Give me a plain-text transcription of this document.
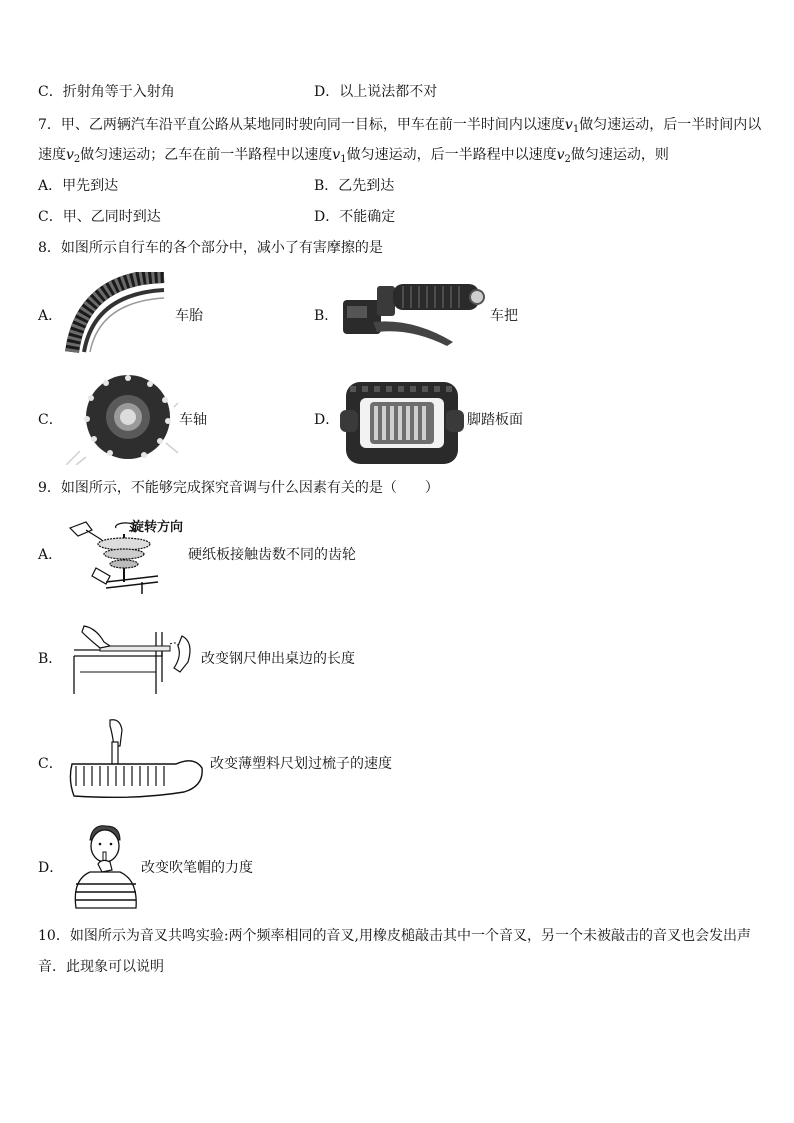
C．折射角等于入射角	D．以上说法都不对
7．甲、乙两辆汽车沿平直公路从某地同时驶向同一目标，甲车在前一半时间内以速度$v_1$做匀速运动，后一半时间内以
速度$v_2$做匀速运动；乙车在前一半路程中以速度$v_1$做匀速运动，后一半路程中以速度$v_2$做匀速运动，则
A．甲先到达	B．乙先到达
C．甲、乙同时到达	D．不能确定
8．如图所示自行车的各个部分中，减小了有害摩擦的是
A．	车胎	B．	车把
C．	车轴	D．	脚踏板面
9．如图所示，不能够完成探究音调与什么因素有关的是（　　）
A．
旋转方向
硬纸板接触齿数不同的齿轮
B．	改变钢尺伸出桌边的长度
C．	改变薄塑料尺划过梳子的速度
D．	改变吹笔帽的力度
10．如图所示为音叉共鸣实验:两个频率相同的音叉,用橡皮槌敲击其中一个音叉，另一个未被敲击的音叉也会发出声
音．此现象可以说明
